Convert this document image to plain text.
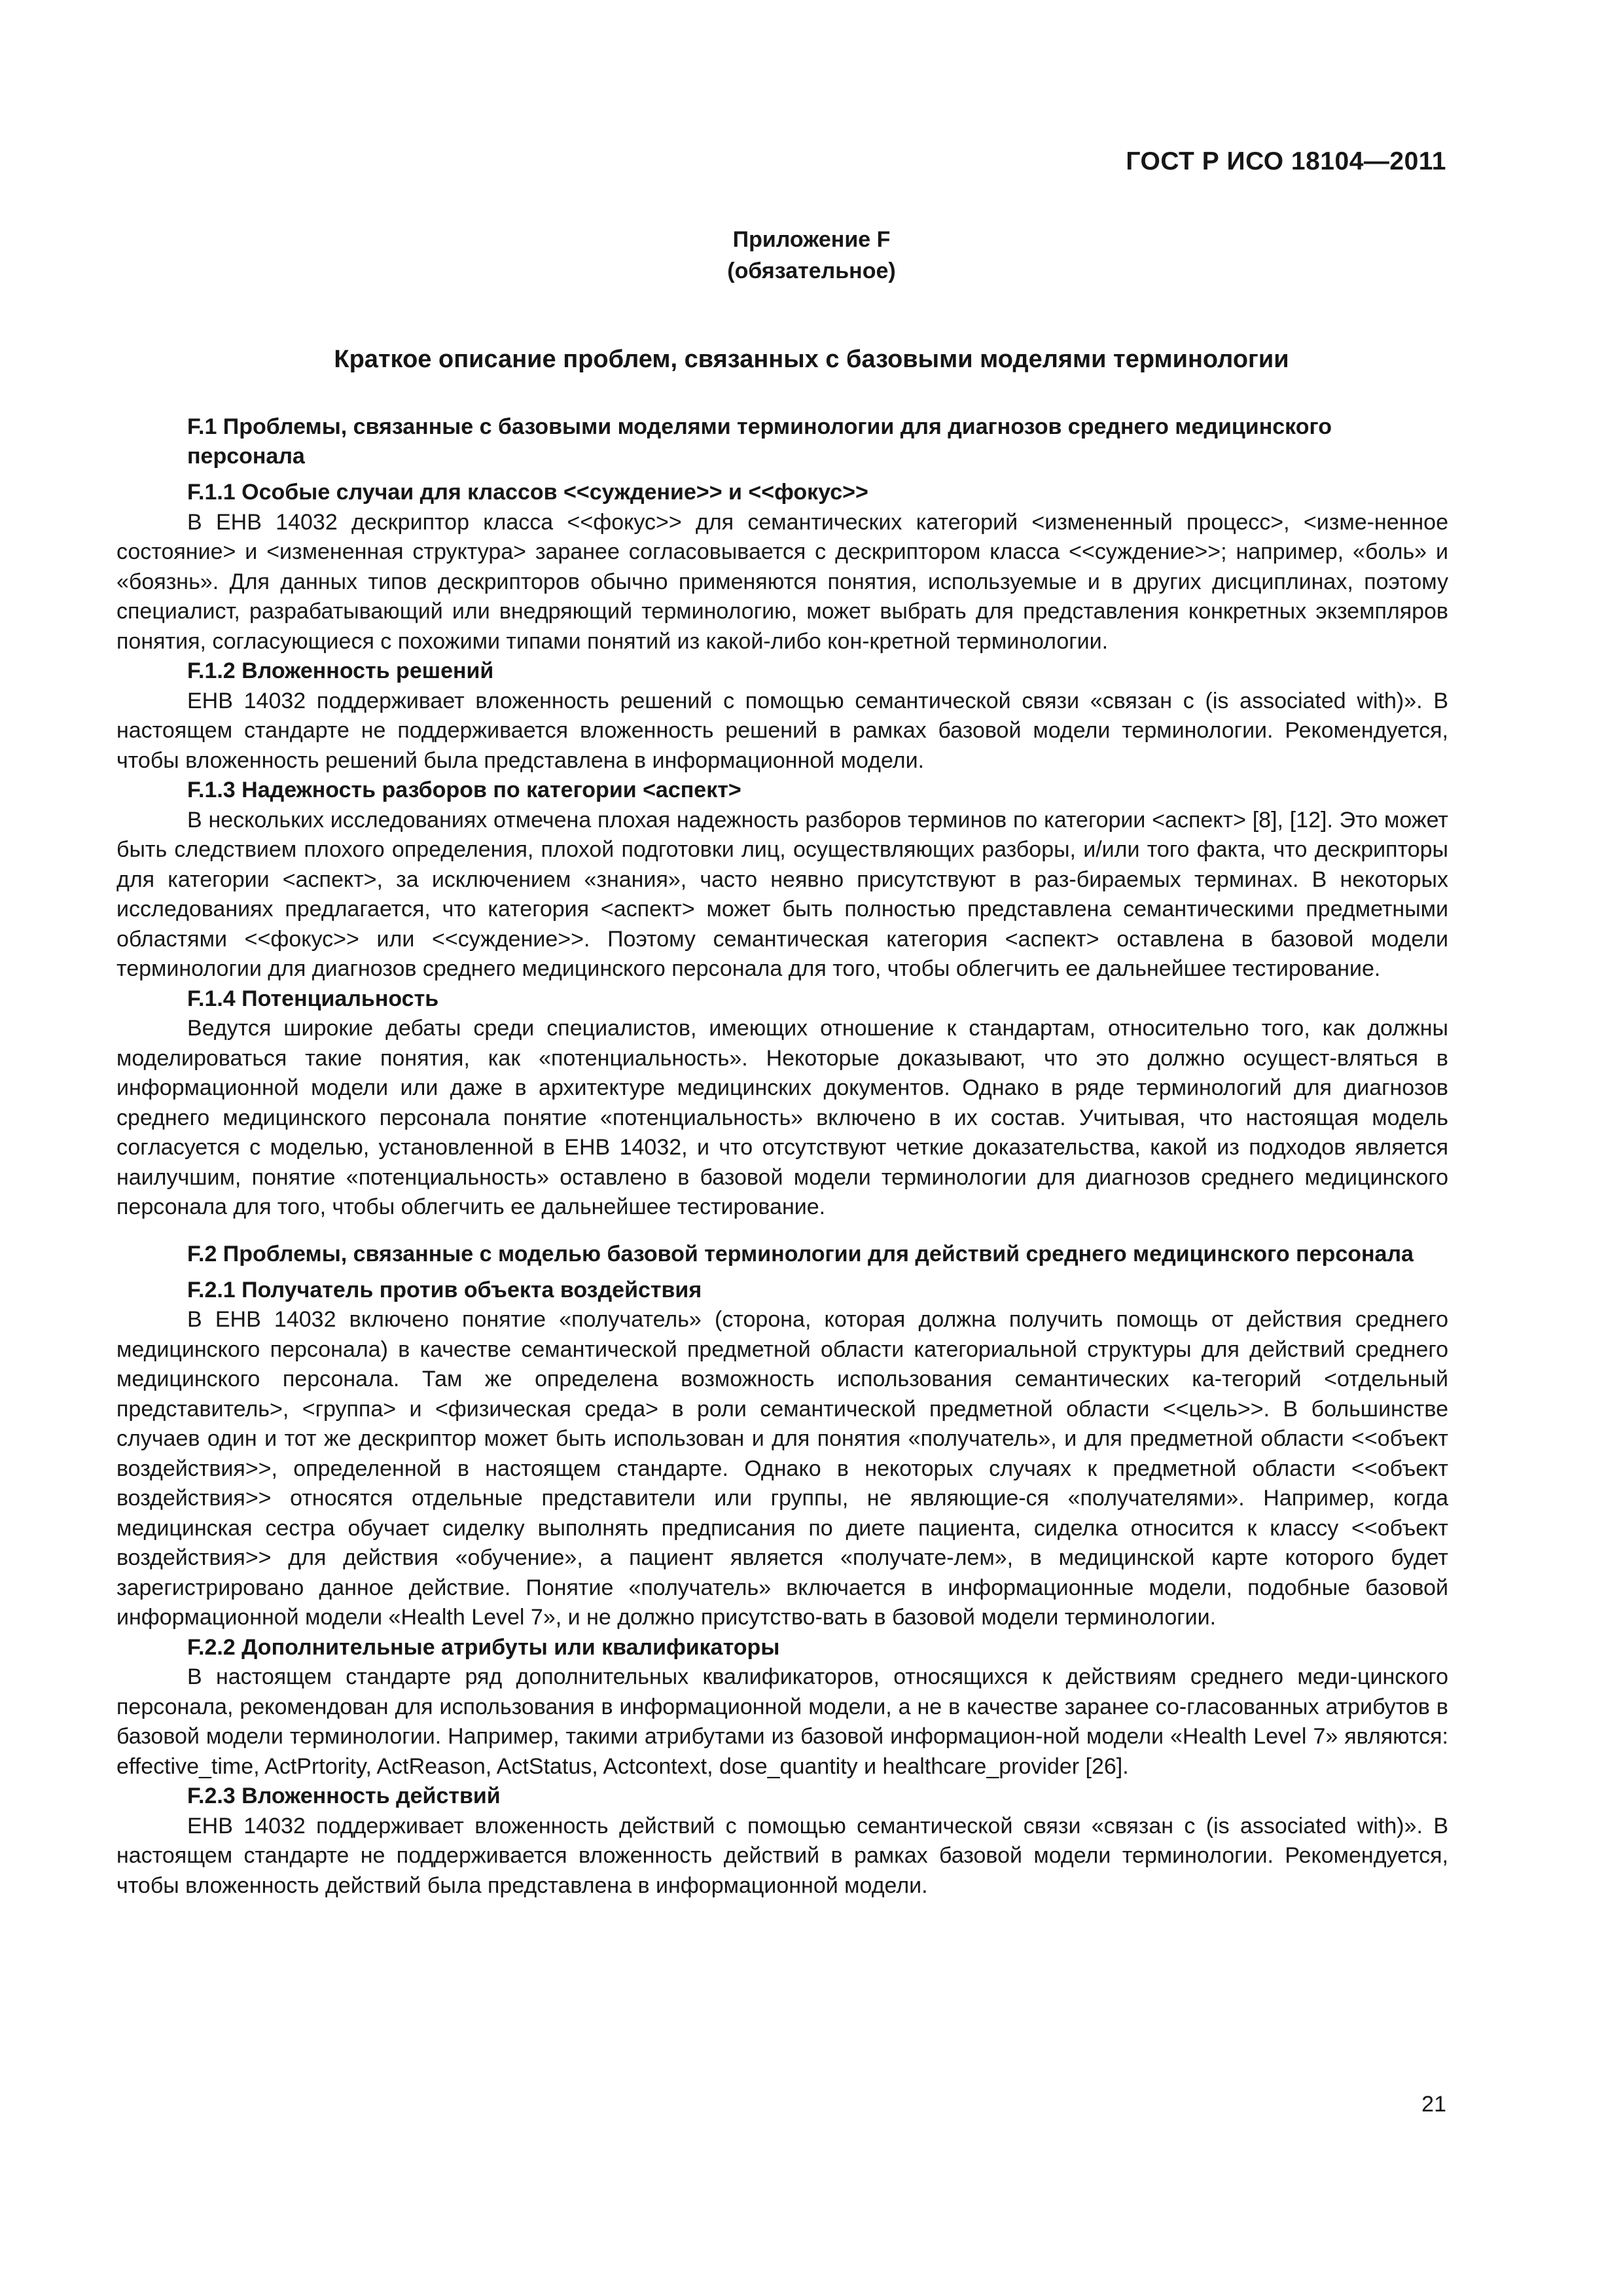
ГОСТ Р ИСО 18104—2011
Приложение F
(обязательное)
Краткое описание проблем, связанных с базовыми моделями терминологии
F.1 Проблемы, связанные с базовыми моделями терминологии для диагнозов среднего медицинского персонала
F.1.1 Особые случаи для классов <<суждение>> и <<фокус>>

В ЕНВ 14032 дескриптор класса <<фокус>> для семантических категорий <измененный процесс>, <изме-ненное состояние> и <измененная структура> заранее согласовывается с дескриптором класса <<суждение>>; например, «боль» и «боязнь». Для данных типов дескрипторов обычно применяются понятия, используемые и в других дисциплинах, поэтому специалист, разрабатывающий или внедряющий терминологию, может выбрать для представления конкретных экземпляров понятия, согласующиеся с похожими типами понятий из какой-либо кон-кретной терминологии.

F.1.2 Вложенность решений

ЕНВ 14032 поддерживает вложенность решений с помощью семантической связи «связан с (is associated with)». В настоящем стандарте не поддерживается вложенность решений в рамках базовой модели терминологии. Рекомендуется, чтобы вложенность решений была представлена в информационной модели.

F.1.3 Надежность разборов по категории <аспект>

В нескольких исследованиях отмечена плохая надежность разборов терминов по категории <аспект> [8], [12]. Это может быть следствием плохого определения, плохой подготовки лиц, осуществляющих разборы, и/или того факта, что дескрипторы для категории <аспект>, за исключением «знания», часто неявно присутствуют в раз-бираемых терминах. В некоторых исследованиях предлагается, что категория <аспект> может быть полностью представлена семантическими предметными областями <<фокус>> или <<суждение>>. Поэтому семантическая категория <аспект> оставлена в базовой модели терминологии для диагнозов среднего медицинского персонала для того, чтобы облегчить ее дальнейшее тестирование.

F.1.4 Потенциальность

Ведутся широкие дебаты среди специалистов, имеющих отношение к стандартам, относительно того, как должны моделироваться такие понятия, как «потенциальность». Некоторые доказывают, что это должно осущест-вляться в информационной модели или даже в архитектуре медицинских документов. Однако в ряде терминологий для диагнозов среднего медицинского персонала понятие «потенциальность» включено в их состав. Учитывая, что настоящая модель согласуется с моделью, установленной в ЕНВ 14032, и что отсутствуют четкие доказательства, какой из подходов является наилучшим, понятие «потенциальность» оставлено в базовой модели терминологии для диагнозов среднего медицинского персонала для того, чтобы облегчить ее дальнейшее тестирование.

F.2 Проблемы, связанные с моделью базовой терминологии для действий среднего медицинского персонала
F.2.1 Получатель против объекта воздействия

В ЕНВ 14032 включено понятие «получатель» (сторона, которая должна получить помощь от действия среднего медицинского персонала) в качестве семантической предметной области категориальной структуры для действий среднего медицинского персонала. Там же определена возможность использования семантических ка-тегорий <отдельный представитель>, <группа> и <физическая среда> в роли семантической предметной области <<цель>>. В большинстве случаев один и тот же дескриптор может быть использован и для понятия «получатель», и для предметной области <<объект воздействия>>, определенной в настоящем стандарте. Однако в некоторых случаях к предметной области <<объект воздействия>> относятся отдельные представители или группы, не являющие-ся «получателями». Например, когда медицинская сестра обучает сиделку выполнять предписания по диете пациента, сиделка относится к классу <<объект воздействия>> для действия «обучение», а пациент является «получате-лем», в медицинской карте которого будет зарегистрировано данное действие. Понятие «получатель» включается в информационные модели, подобные базовой информационной модели «Health Level 7», и не должно присутство-вать в базовой модели терминологии.

F.2.2 Дополнительные атрибуты или квалификаторы

В настоящем стандарте ряд дополнительных квалификаторов, относящихся к действиям среднего меди-цинского персонала, рекомендован для использования в информационной модели, а не в качестве заранее со-гласованных атрибутов в базовой модели терминологии. Например, такими атрибутами из базовой информацион-ной модели «Health Level 7» являются: effective_time, ActPrtority, ActReason, ActStatus, Actcontext, dose_quantity и healthcare_provider [26].

F.2.3 Вложенность действий

ЕНВ 14032 поддерживает вложенность действий с помощью семантической связи «связан с (is associated with)». В настоящем стандарте не поддерживается вложенность действий в рамках базовой модели терминологии. Рекомендуется, чтобы вложенность действий была представлена в информационной модели.

21
